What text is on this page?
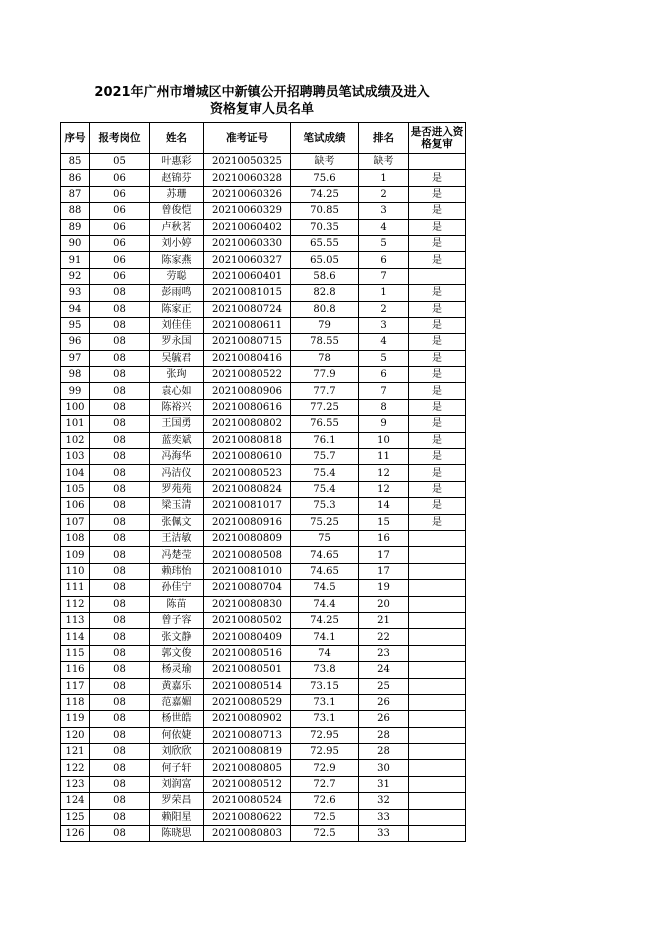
2021年广州市增城区中新镇公开招聘聘员笔试成绩及进入
资格复审人员名单
序号	报考岗位	姓名	准考证号	笔试成绩	排名	是否进入资格复审
85	05	叶惠彩	20210050325	缺考	缺考	
86	06	赵锦芬	20210060328	75.6	1	是
87	06	苏珊	20210060326	74.25	2	是
88	06	曾俊恺	20210060329	70.85	3	是
89	06	卢秋茗	20210060402	70.35	4	是
90	06	刘小婷	20210060330	65.55	5	是
91	06	陈家燕	20210060327	65.05	6	是
92	06	劳聪	20210060401	58.6	7	
93	08	彭雨鸣	20210081015	82.8	1	是
94	08	陈家正	20210080724	80.8	2	是
95	08	刘佳佳	20210080611	79	3	是
96	08	罗永国	20210080715	78.55	4	是
97	08	吴毓君	20210080416	78	5	是
98	08	张珣	20210080522	77.9	6	是
99	08	袁心如	20210080906	77.7	7	是
100	08	陈裕兴	20210080616	77.25	8	是
101	08	王国勇	20210080802	76.55	9	是
102	08	蓝奕斌	20210080818	76.1	10	是
103	08	冯海华	20210080610	75.7	11	是
104	08	冯洁仪	20210080523	75.4	12	是
105	08	罗苑苑	20210080824	75.4	12	是
106	08	梁玉清	20210081017	75.3	14	是
107	08	张佩文	20210080916	75.25	15	是
108	08	王洁敏	20210080809	75	16	
109	08	冯楚莹	20210080508	74.65	17	
110	08	赖玮怡	20210081010	74.65	17	
111	08	孙佳宁	20210080704	74.5	19	
112	08	陈苗	20210080830	74.4	20	
113	08	曾子容	20210080502	74.25	21	
114	08	张文静	20210080409	74.1	22	
115	08	郭文俊	20210080516	74	23	
116	08	杨灵瑜	20210080501	73.8	24	
117	08	黄嘉乐	20210080514	73.15	25	
118	08	范嘉媚	20210080529	73.1	26	
119	08	杨世皓	20210080902	73.1	26	
120	08	何依婕	20210080713	72.95	28	
121	08	刘欣欣	20210080819	72.95	28	
122	08	何子轩	20210080805	72.9	30	
123	08	刘润富	20210080512	72.7	31	
124	08	罗荣昌	20210080524	72.6	32	
125	08	赖阳星	20210080622	72.5	33	
126	08	陈晓思	20210080803	72.5	33	
